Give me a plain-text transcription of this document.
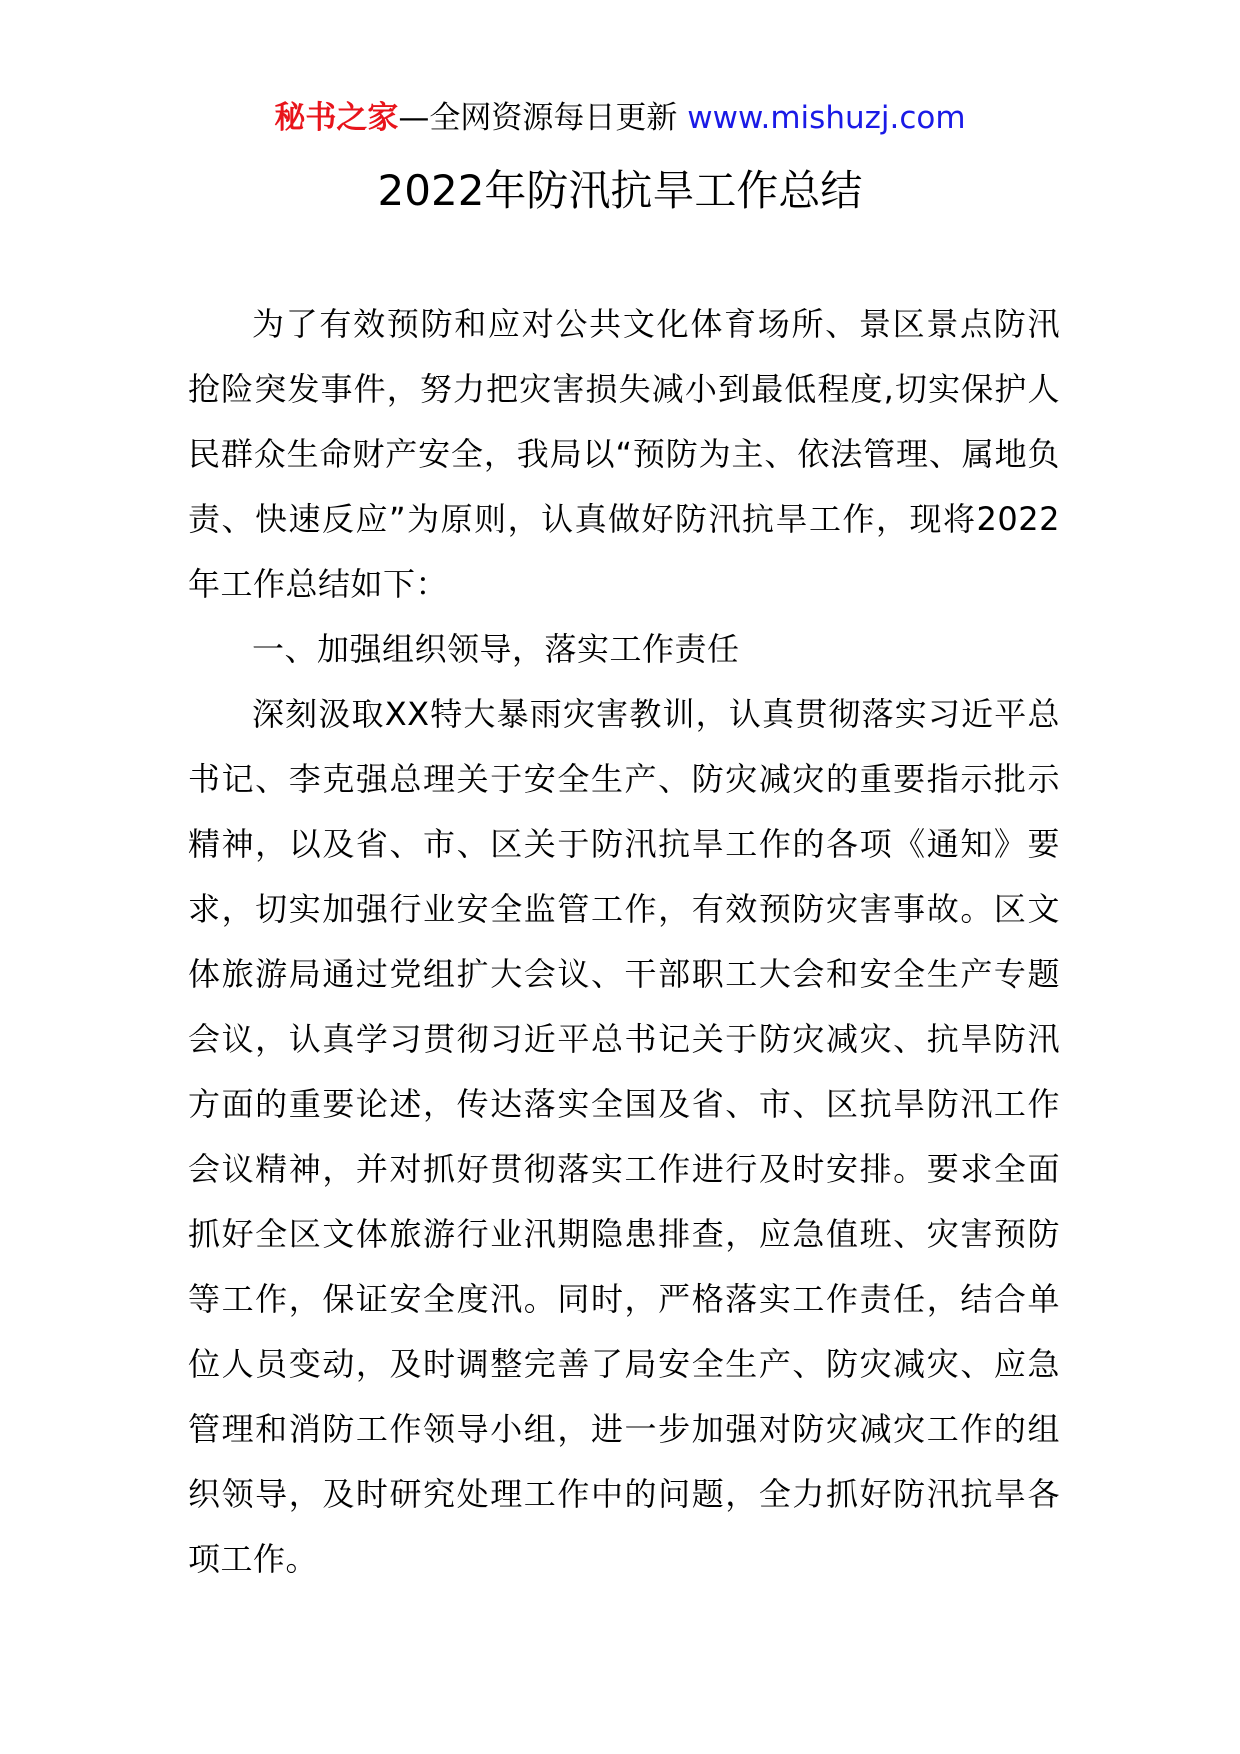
秘书之家—全网资源每日更新 www.mishuzj.com
2022年防汛抗旱工作总结

为了有效预防和应对公共文化体育场所、景区景点防汛抢险突发事件，努力把灾害损失减小到最低程度,切实保护人民群众生命财产安全，我局以“预防为主、依法管理、属地负责、快速反应”为原则，认真做好防汛抗旱工作，现将2022年工作总结如下：

一、加强组织领导，落实工作责任

深刻汲取XX特大暴雨灾害教训，认真贯彻落实习近平总书记、李克强总理关于安全生产、防灾减灾的重要指示批示精神，以及省、市、区关于防汛抗旱工作的各项《通知》要求，切实加强行业安全监管工作，有效预防灾害事故。区文体旅游局通过党组扩大会议、干部职工大会和安全生产专题会议，认真学习贯彻习近平总书记关于防灾减灾、抗旱防汛方面的重要论述，传达落实全国及省、市、区抗旱防汛工作会议精神，并对抓好贯彻落实工作进行及时安排。要求全面抓好全区文体旅游行业汛期隐患排查，应急值班、灾害预防等工作，保证安全度汛。同时，严格落实工作责任，结合单位人员变动，及时调整完善了局安全生产、防灾减灾、应急管理和消防工作领导小组，进一步加强对防灾减灾工作的组织领导，及时研究处理工作中的问题，全力抓好防汛抗旱各项工作。
